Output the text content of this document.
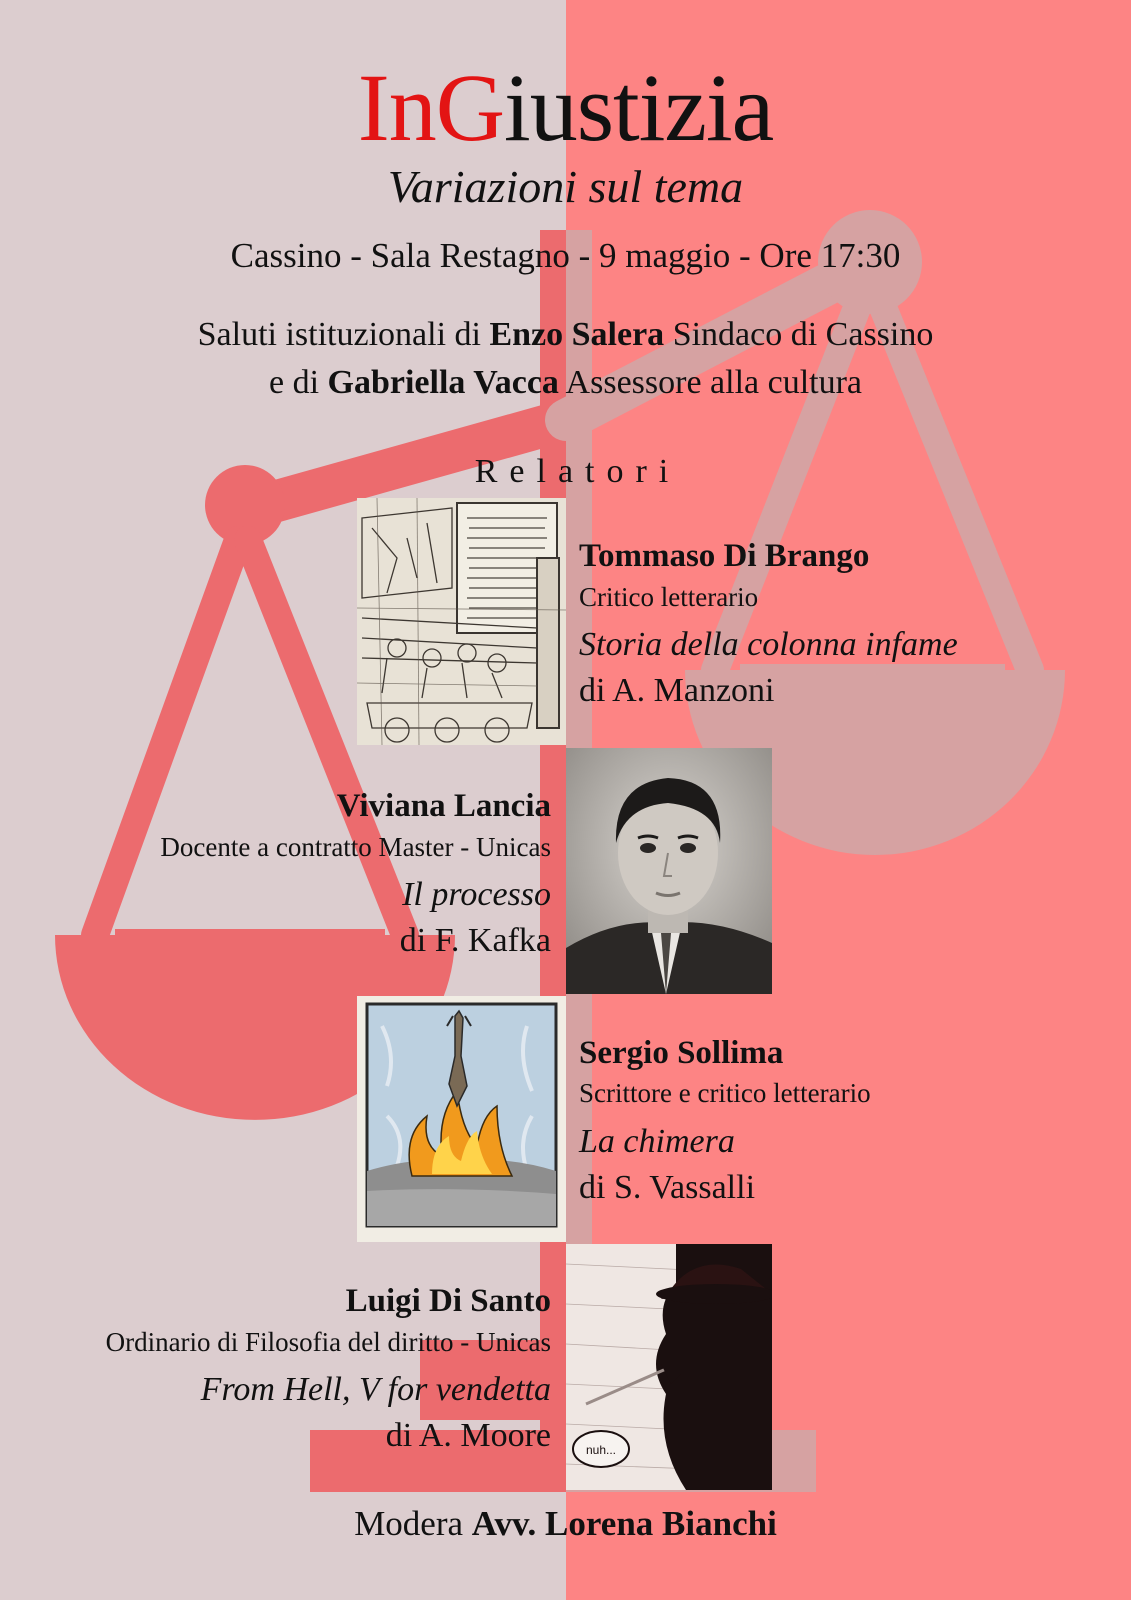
InGiustizia
Variazioni sul tema
Cassino - Sala Restagno - 9 maggio - Ore 17:30
Saluti istituzionali di Enzo Salera Sindaco di Cassino
e di Gabriella Vacca Assessore alla cultura
Relatori
Tommaso Di Brango
Critico letterario
Storia della colonna infame
di A. Manzoni
Viviana Lancia
Docente a contratto Master - Unicas
Il processo
di F. Kafka
Sergio Sollima
Scrittore e critico letterario
La chimera
di S. Vassalli
nuh...
Luigi Di Santo
Ordinario di Filosofia del diritto - Unicas
From Hell, V for vendetta
di A. Moore
Modera Avv. Lorena Bianchi
